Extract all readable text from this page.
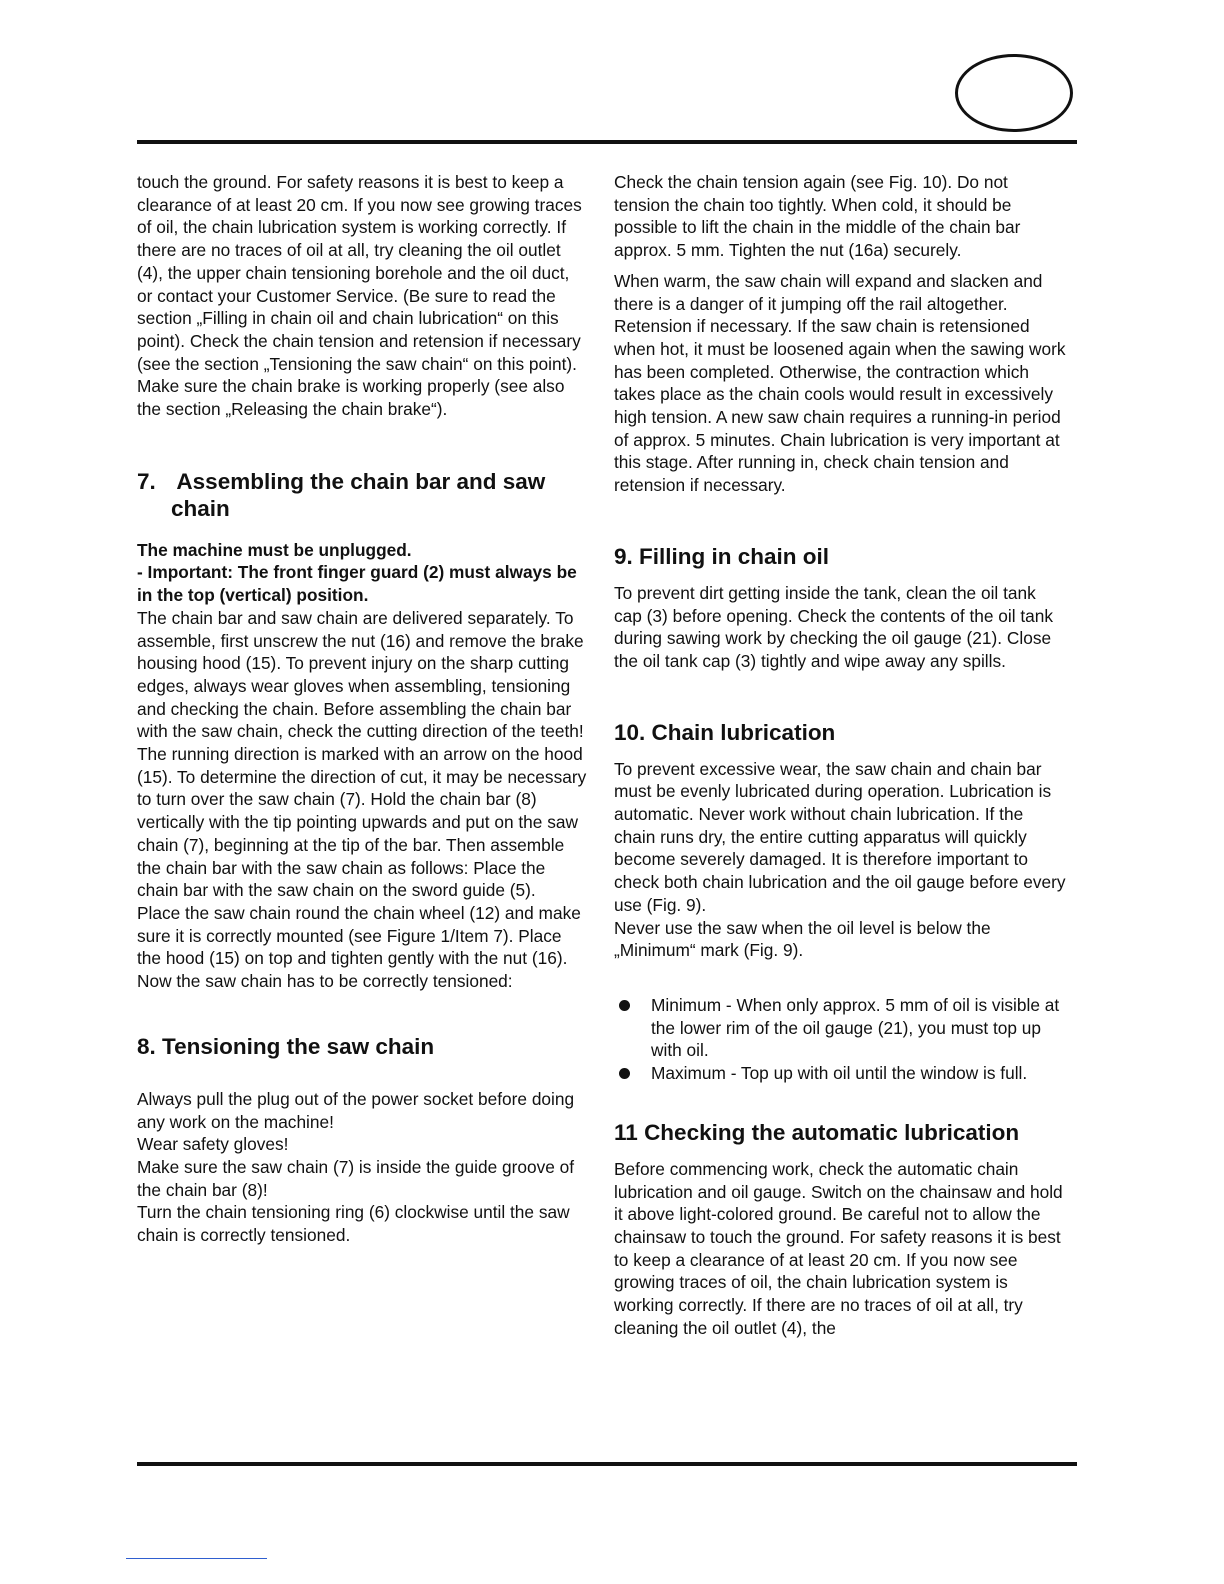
touch the ground. For safety reasons it is best to keep a clearance of at least 20 cm. If you now see growing traces of oil, the chain lubrication system is working correctly. If there are no traces of oil at all, try cleaning the oil outlet (4), the upper chain tensioning borehole and the oil duct, or contact your Customer Service. (Be sure to read the section „Filling in chain oil and chain lubrication“ on this point). Check the chain tension and retension if necessary (see the section „Tensioning the saw chain“ on this point). Make sure the chain brake is working properly (see also the section „Releasing the chain brake“).

7. Assembling the chain bar and saw chain

The machine must be unplugged.

- Important: The front finger guard (2) must always be in the top (vertical) position.

The chain bar and saw chain are delivered separately. To assemble, first unscrew the nut (16) and remove the brake housing hood (15). To prevent injury on the sharp cutting edges, always wear gloves when assembling, tensioning and checking the chain. Before assembling the chain bar with the saw chain, check the cutting direction of the teeth! The running direction is marked with an arrow on the hood (15). To determine the direction of cut, it may be necessary to turn over the saw chain (7). Hold the chain bar (8) vertically with the tip pointing upwards and put on the saw chain (7), beginning at the tip of the bar. Then assemble the chain bar with the saw chain as follows: Place the chain bar with the saw chain on the sword guide (5).

Place the saw chain round the chain wheel (12) and make sure it is correctly mounted (see Figure 1/Item 7). Place the hood (15) on top and tighten gently with the nut (16).

Now the saw chain has to be correctly tensioned:

8. Tensioning the saw chain

Always pull the plug out of the power socket before doing any work on the machine!

Wear safety gloves!

Make sure the saw chain (7) is inside the guide groove of the chain bar (8)!

Turn the chain tensioning ring (6) clockwise until the saw chain is correctly tensioned.

Check the chain tension again (see Fig. 10). Do not tension the chain too tightly. When cold, it should be possible to lift the chain in the middle of the chain bar approx. 5 mm. Tighten the nut (16a) securely.

When warm, the saw chain will expand and slacken and there is a danger of it jumping off the rail altogether. Retension if necessary. If the saw chain is retensioned when hot, it must be loosened again when the sawing work has been completed. Otherwise, the contraction which takes place as the chain cools would result in excessively high tension. A new saw chain requires a running-in period of approx. 5 minutes. Chain lubrication is very important at this stage. After running in, check chain tension and retension if necessary.

9. Filling in chain oil

To prevent dirt getting inside the tank, clean the oil tank cap (3) before opening. Check the contents of the oil tank during sawing work by checking the oil gauge (21). Close the oil tank cap (3) tightly and wipe away any spills.

10. Chain lubrication

To prevent excessive wear, the saw chain and chain bar must be evenly lubricated during operation. Lubrication is automatic. Never work without chain lubrication. If the chain runs dry, the entire cutting apparatus will quickly become severely damaged. It is therefore important to check both chain lubrication and the oil gauge before every use (Fig. 9).

Never use the saw when the oil level is below the „Minimum“ mark (Fig. 9).

Minimum - When only approx. 5 mm of oil is visible at the lower rim of the oil gauge (21), you must top up with oil.
Maximum - Top up with oil until the window is full.
11 Checking the automatic lubrication

Before commencing work, check the automatic chain lubrication and oil gauge. Switch on the chainsaw and hold it above light-colored ground. Be careful not to allow the chainsaw to touch the ground. For safety reasons it is best to keep a clearance of at least 20 cm. If you now see growing traces of oil, the chain lubrication system is working correctly. If there are no traces of oil at all, try cleaning the oil outlet (4), the
